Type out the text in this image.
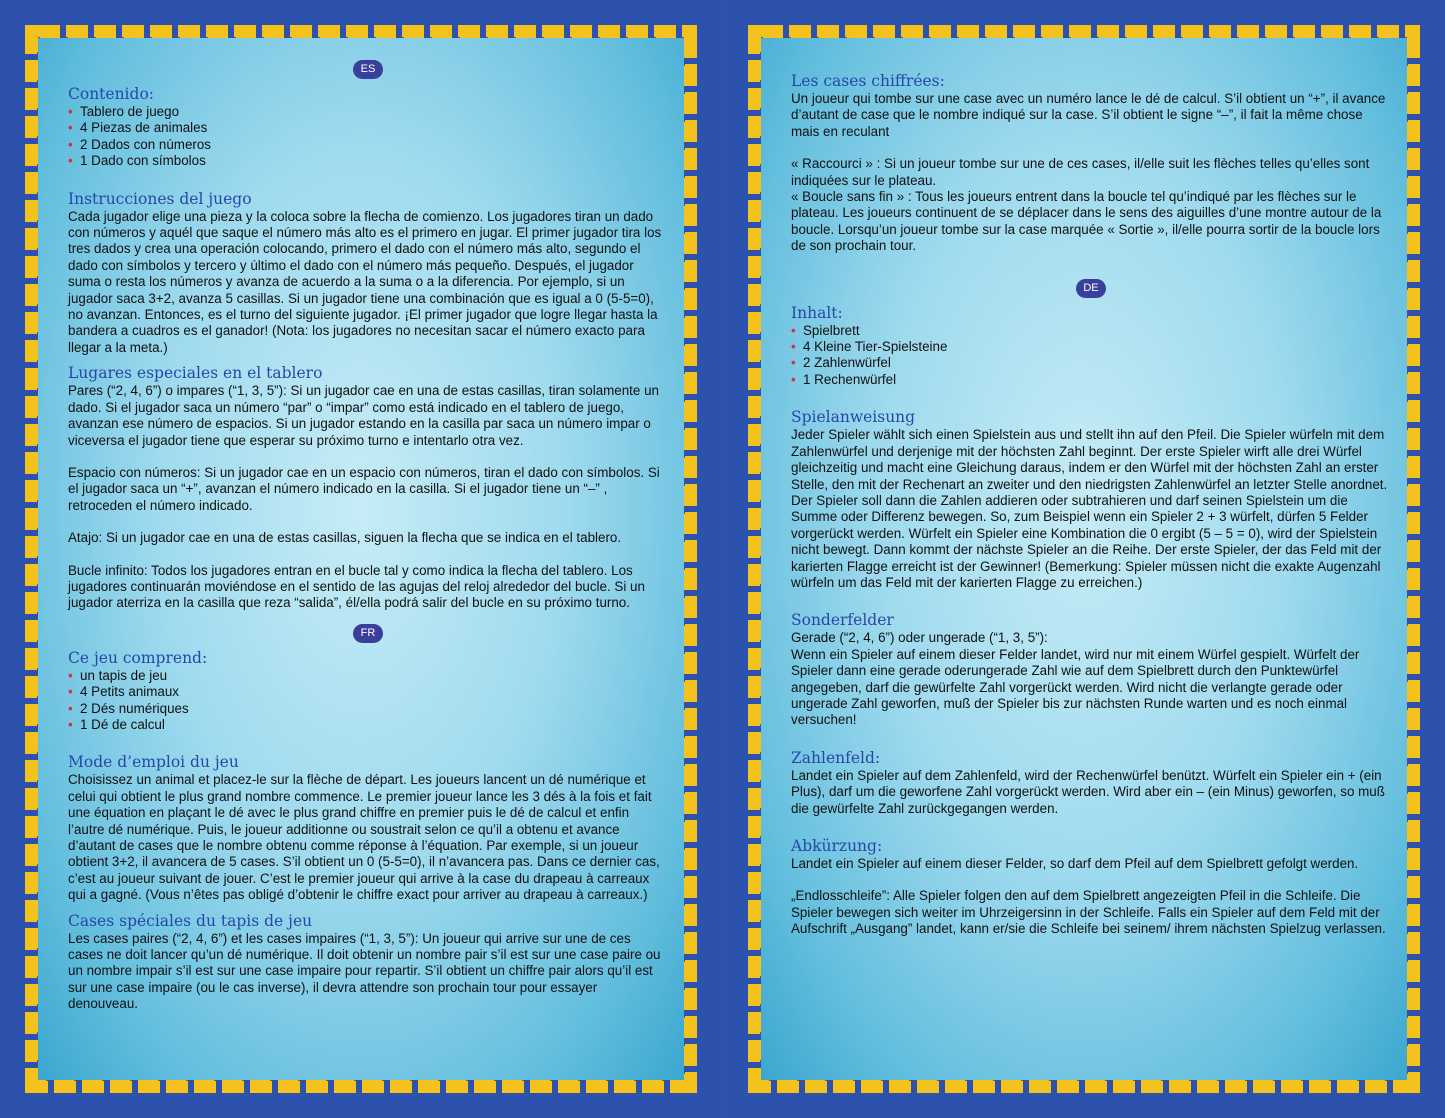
ES
Contenido:
• Tablero de juego
• 4 Piezas de animales
• 2 Dados con números
• 1 Dado con símbolos
Instrucciones del juego

Cada jugador elige una pieza y la coloca sobre la flecha de comienzo. Los jugadores tiran un dado con números y aquél que saque el número más alto es el primero en jugar. El primer jugador tira los tres dados y crea una operación colocando, primero el dado con el número más alto, segundo el dado con símbolos y tercero y último el dado con el número más pequeño. Después, el jugador suma o resta los números y avanza de acuerdo a la suma o a la diferencia. Por ejemplo, si un jugador saca 3+2, avanza 5 casillas. Si un jugador tiene una combinación que es igual a 0 (5-5=0), no avanzan. Entonces, es el turno del siguiente jugador. ¡El primer jugador que logre llegar hasta la bandera a cuadros es el ganador! (Nota: los jugadores no necesitan sacar el número exacto para llegar a la meta.)

Lugares especiales en el tablero

Pares (“2, 4, 6”) o impares (“1, 3, 5”): Si un jugador cae en una de estas casillas, tiran solamente un dado. Si el jugador saca un número “par” o “impar” como está indicado en el tablero de juego, avanzan ese número de espacios. Si un jugador estando en la casilla par saca un número impar o viceversa el jugador tiene que esperar su próximo turno e intentarlo otra vez.

Espacio con números: Si un jugador cae en un espacio con números, tiran el dado con símbolos. Si el jugador saca un “+”, avanzan el número indicado en la casilla. Si el jugador tiene un “–” , retroceden el número indicado.

Atajo: Si un jugador cae en una de estas casillas, siguen la flecha que se indica en el tablero.

Bucle infinito: Todos los jugadores entran en el bucle tal y como indica la flecha del tablero. Los jugadores continuarán moviéndose en el sentido de las agujas del reloj alrededor del bucle. Si un jugador aterriza en la casilla que reza “salida”, él/ella podrá salir del bucle en su próximo turno.

FR
Ce jeu comprend:
• un tapis de jeu
• 4 Petits animaux
• 2 Dés numériques
• 1 Dé de calcul
Mode d’emploi du jeu

Choisissez un animal et placez-le sur la flèche de départ. Les joueurs lancent un dé numérique et celui qui obtient le plus grand nombre commence. Le premier joueur lance les 3 dés à la fois et fait une équation en plaçant le dé avec le plus grand chiffre en premier puis le dé de calcul et enfin l’autre dé numérique. Puis, le joueur additionne ou soustrait selon ce qu’il a obtenu et avance d’autant de cases que le nombre obtenu comme réponse à l’équation. Par exemple, si un joueur obtient 3+2, il avancera de 5 cases. S’il obtient un 0 (5-5=0), il n’avancera pas. Dans ce dernier cas, c’est au joueur suivant de jouer. C’est le premier joueur qui arrive à la case du drapeau à carreaux qui a gagné. (Vous n’êtes pas obligé d’obtenir le chiffre exact pour arriver au drapeau à carreaux.)

Cases spéciales du tapis de jeu

Les cases paires (“2, 4, 6”) et les cases impaires (“1, 3, 5”): Un joueur qui arrive sur une de ces cases ne doit lancer qu’un dé numérique. Il doit obtenir un nombre pair s’il est sur une case paire ou un nombre impair s’il est sur une case impaire pour repartir. S’il obtient un chiffre pair alors qu’il est sur une case impaire (ou le cas inverse), il devra attendre son prochain tour pour essayer denouveau.

Les cases chiffrées:

Un joueur qui tombe sur une case avec un numéro lance le dé de calcul. S’il obtient un “+”, il avance d’autant de case que le nombre indiqué sur la case. S’il obtient le signe “–”, il fait la même chose

mais en reculant

« Raccourci » : Si un joueur tombe sur une de ces cases, il/elle suit les flèches telles qu’elles sont indiquées sur le plateau.

« Boucle sans fin » : Tous les joueurs entrent dans la boucle tel qu’indiqué par les flèches sur le plateau. Les joueurs continuent de se déplacer dans le sens des aiguilles d’une montre autour de la boucle. Lorsqu’un joueur tombe sur la case marquée « Sortie », il/elle pourra sortir de la boucle lors de son prochain tour.

DE
Inhalt:
• Spielbrett
• 4 Kleine Tier-Spielsteine
• 2 Zahlenwürfel
• 1 Rechenwürfel
Spielanweisung

Jeder Spieler wählt sich einen Spielstein aus und stellt ihn auf den Pfeil. Die Spieler würfeln mit dem Zahlenwürfel und derjenige mit der höchsten Zahl beginnt. Der erste Spieler wirft alle drei Würfel gleichzeitig und macht eine Gleichung daraus, indem er den Würfel mit der höchsten Zahl an erster Stelle, den mit der Rechenart an zweiter und den niedrigsten Zahlenwürfel an letzter Stelle anordnet. Der Spieler soll dann die Zahlen addieren oder subtrahieren und darf seinen Spielstein um die Summe oder Differenz bewegen. So, zum Beispiel wenn ein Spieler 2 + 3 würfelt, dürfen 5 Felder vorgerückt werden. Würfelt ein Spieler eine Kombination die 0 ergibt (5 – 5 = 0), wird der Spielstein nicht bewegt. Dann kommt der nächste Spieler an die Reihe. Der erste Spieler, der das Feld mit der karierten Flagge erreicht ist der Gewinner! (Bemerkung: Spieler müssen nicht die exakte Augenzahl würfeln um das Feld mit der karierten Flagge zu erreichen.)

Sonderfelder

Gerade (“2, 4, 6”) oder ungerade (“1, 3, 5”):

Wenn ein Spieler auf einem dieser Felder landet, wird nur mit einem Würfel gespielt. Würfelt der Spieler dann eine gerade oderungerade Zahl wie auf dem Spielbrett durch den Punktewürfel angegeben, darf die gewürfelte Zahl vorgerückt werden. Wird nicht die verlangte gerade oder ungerade Zahl geworfen, muß der Spieler bis zur nächsten Runde warten und es noch einmal versuchen!

Zahlenfeld:

Landet ein Spieler auf dem Zahlenfeld, wird der Rechenwürfel benützt. Würfelt ein Spieler ein + (ein Plus), darf um die geworfene Zahl vorgerückt werden. Wird aber ein – (ein Minus) geworfen, so muß die gewürfelte Zahl zurückgegangen werden.

Abkürzung:

Landet ein Spieler auf einem dieser Felder, so darf dem Pfeil auf dem Spielbrett gefolgt werden.

„Endlosschleife”: Alle Spieler folgen den auf dem Spielbrett angezeigten Pfeil in die Schleife. Die Spieler bewegen sich weiter im Uhrzeigersinn in der Schleife. Falls ein Spieler auf dem Feld mit der Aufschrift „Ausgang” landet, kann er/sie die Schleife bei seinem/ ihrem nächsten Spielzug verlassen.
